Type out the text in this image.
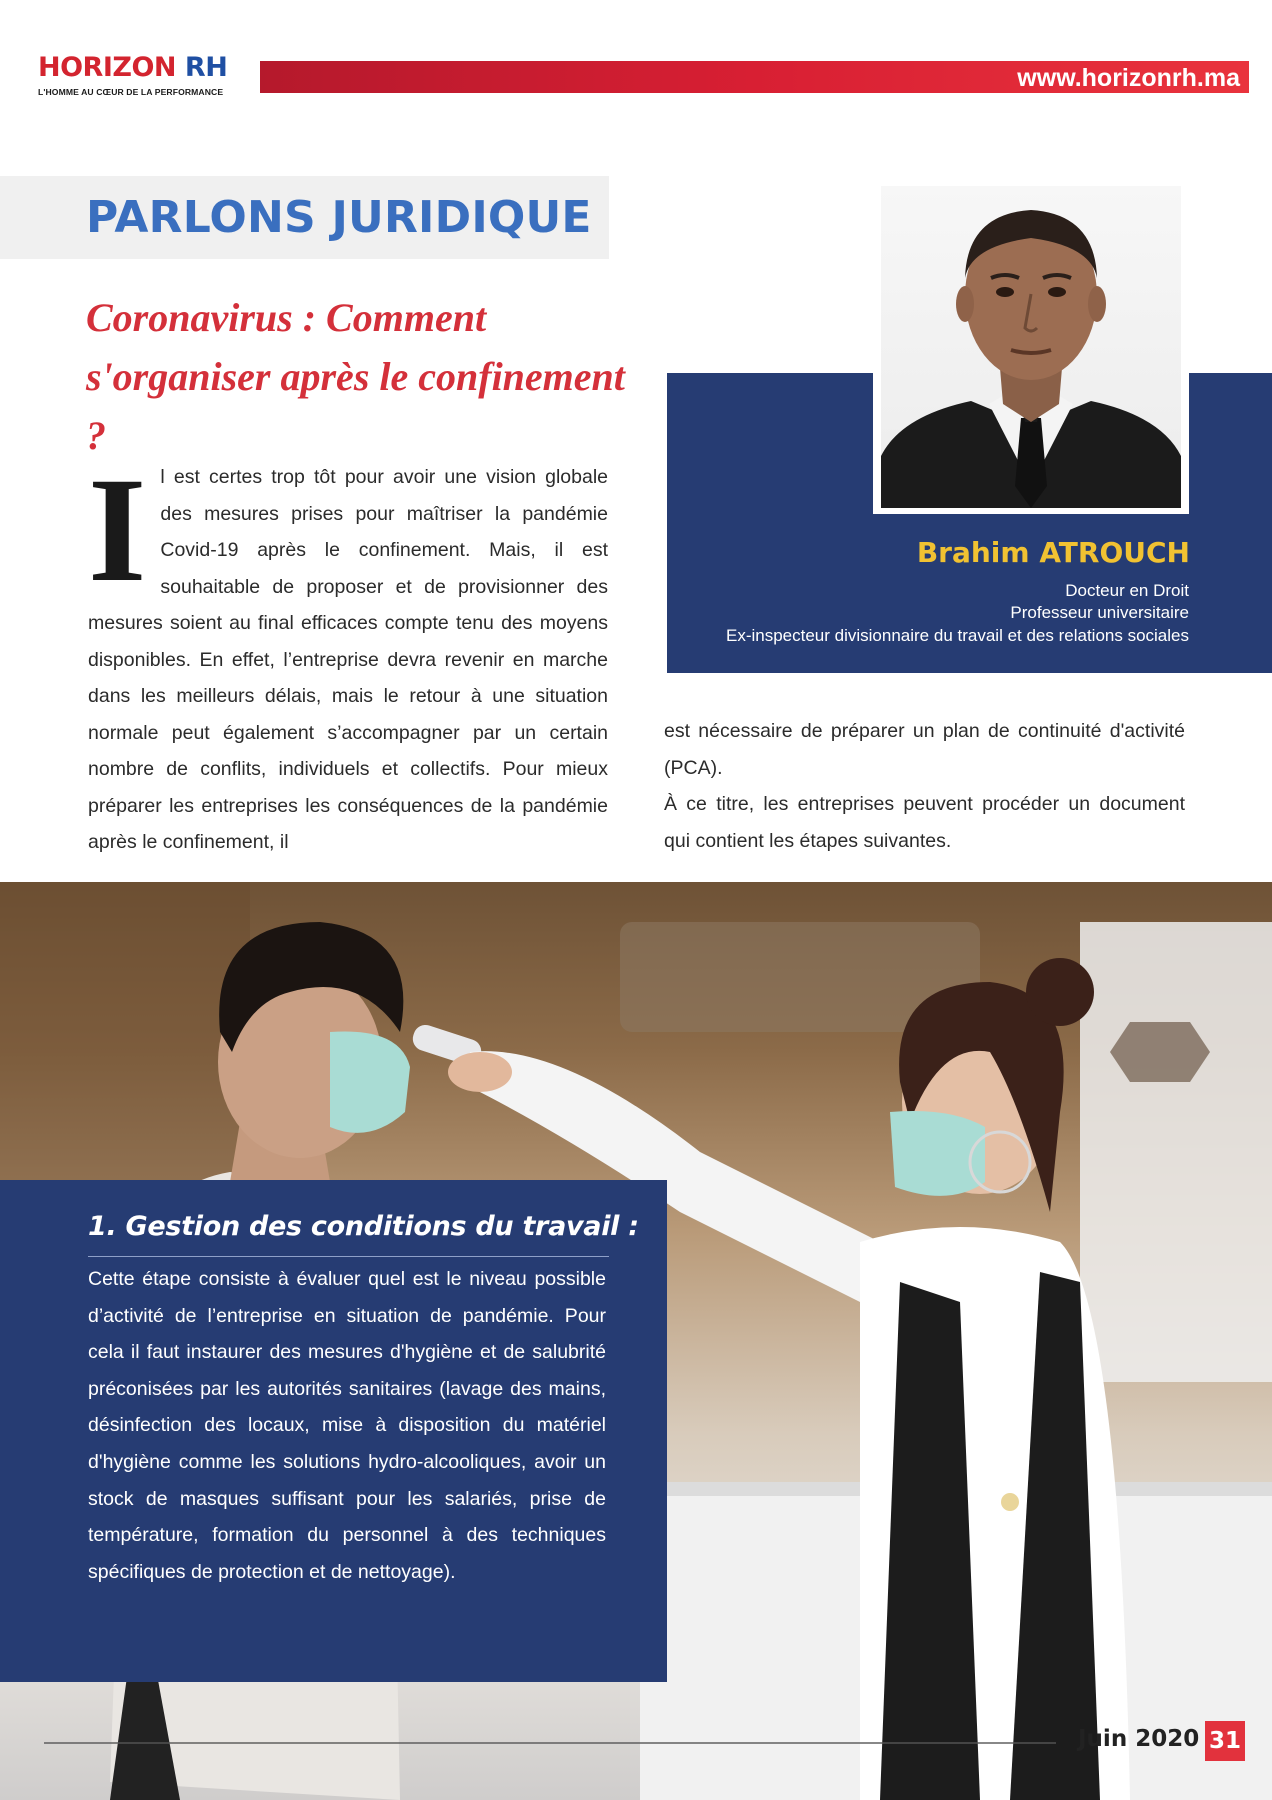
HORIZON RH
L'HOMME AU CŒUR DE LA PERFORMANCE	www.horizonrh.ma
PARLONS JURIDIQUE
Coronavirus : Comment
s'organiser après le confinement ?
Il est certes trop tôt pour avoir une vision globale des mesures prises pour maîtriser la pandémie Covid-19 après le confinement. Mais, il est souhaitable de proposer et de provisionner des mesures soient au final efficaces compte tenu des moyens disponibles. En effet, l’entreprise devra revenir en marche dans les meilleurs délais, mais le retour à une situation normale peut également s’accompagner par un certain nombre de conflits, individuels et collectifs. Pour mieux préparer les entreprises les conséquences de la pandémie après le confinement, il
Brahim ATROUCH
Docteur en Droit
Professeur universitaire
Ex-inspecteur divisionnaire du travail et des relations sociales

est nécessaire de préparer un plan de continuité d'activité (PCA).

À ce titre, les entreprises peuvent procéder un document qui contient les étapes suivantes.

1. Gestion des conditions du travail :
Cette étape consiste à évaluer quel est le niveau possible d’activité de l’entreprise en situation de pandémie. Pour cela il faut instaurer des mesures d'hygiène et de salubrité préconisées par les autorités sanitaires (lavage des mains, désinfection des locaux, mise à disposition du matériel d'hygiène comme les solutions hydro-alcooliques, avoir un stock de masques suffisant pour les salariés, prise de température, formation du personnel à des techniques spécifiques de protection et de nettoyage).
Juin 2020 31
